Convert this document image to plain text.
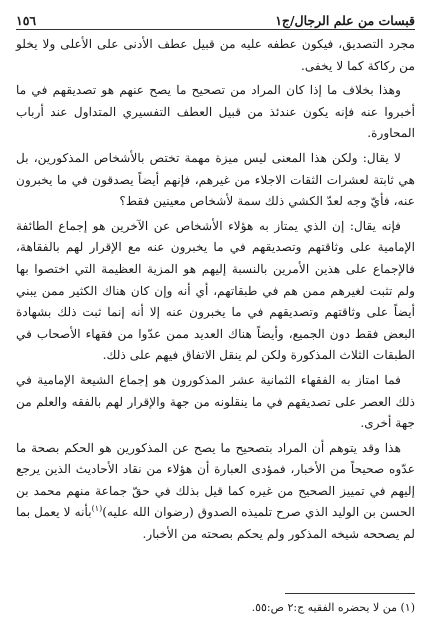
قبسات من علم الرجال/ج١
١٥٦

مجرد التصديق، فيكون عطفه عليه من قبيل عطف الأدنى على الأعلى ولا يخلو من ركاكة كما لا يخفى.

وهذا بخلاف ما إذا كان المراد من تصحيح ما يصح عنهم هو تصديقهم في ما أخبروا عنه فإنه يكون عندئذ من قبيل العطف التفسيري المتداول عند أرباب المحاورة.

لا يقال: ولكن هذا المعنى ليس ميزة مهمة تختص بالأشخاص المذكورين، بل هي ثابتة لعشرات الثقات الاجلاء من غيرهم، فإنهم أيضاً يصدقون في ما يخبرون عنه، فأيّ وجه لعدّ الكشي ذلك سمة لأشخاص معينين فقط؟

فإنه يقال: إن الذي يمتاز به هؤلاء الأشخاص عن الآخرين هو إجماع الطائفة الإمامية على وثاقتهم وتصديقهم في ما يخبرون عنه مع الإقرار لهم بالفقاهة، فالإجماع على هذين الأمرين بالنسبة إليهم هو المزية العظيمة التي اختصوا بها ولم تثبت لغيرهم ممن هم في طبقاتهم، أي أنه وإن كان هناك الكثير ممن يبني أيضاً على وثاقتهم وتصديقهم في ما يخبرون عنه إلا أنه إنما ثبت ذلك بشهادة البعض فقط دون الجميع، وأيضاً هناك العديد ممن عدّوا من فقهاء الأصحاب في الطبقات الثلاث المذكورة ولكن لم ينقل الاتفاق فيهم على ذلك.

فما امتاز به الفقهاء الثمانية عشر المذكورون هو إجماع الشيعة الإمامية في ذلك العصر على تصديقهم في ما ينقلونه من جهة والإقرار لهم بالفقه والعلم من جهة أخرى.

هذا وقد يتوهم أن المراد بتصحيح ما يصح عن المذكورين هو الحكم بصحة ما عدّوه صحيحاً من الأخبار، فمؤدى العبارة أن هؤلاء من نقاد الأحاديث الذين يرجع إليهم في تمييز الصحيح من غيره كما قيل بذلك في حقّ جماعة منهم محمد بن الحسن بن الوليد الذي صرح تلميذه الصدوق (رضوان الله عليه)$^{(١)}$بأنه لا يعمل بما لم يصححه شيخه المذكور ولم يحكم بصحته من الأخبار.

(١) من لا يحضره الفقيه ج:٢ ص:٥٥.
